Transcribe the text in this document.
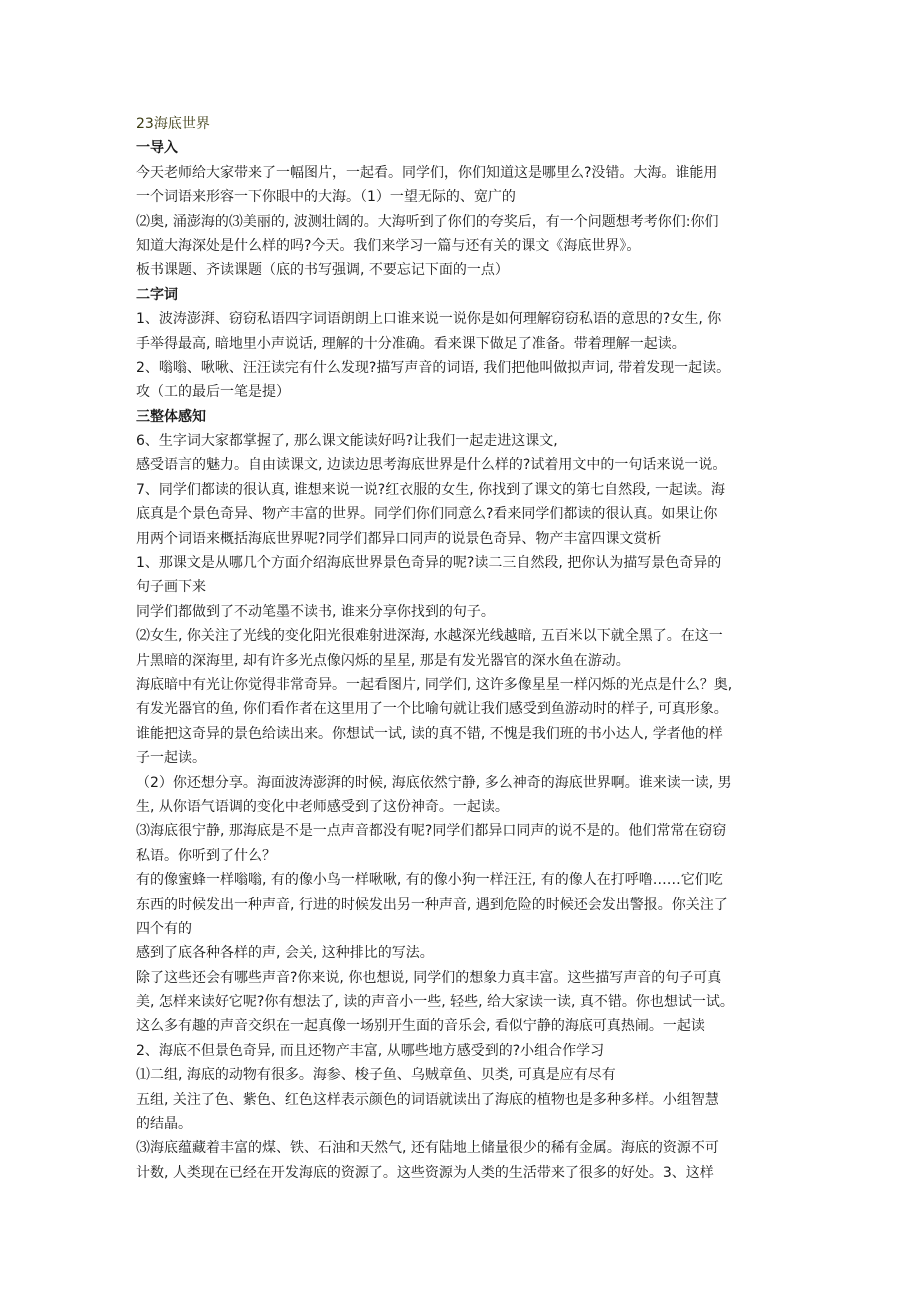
23海底世界
一导入
今天老师给大家带来了一幅图片，一起看。同学们，你们知道这是哪里么?没错。大海。谁能用
一个词语来形容一下你眼中的大海。（1）一望无际的、宽广的
⑵奥, 涌澎海的⑶美丽的, 波测壮阔的。大海听到了你们的夸奖后，有一个问题想考考你们:你们
知道大海深处是什么样的吗?今天。我们来学习一篇与还有关的课文《海底世界》。
板书课题、齐读课题（底的书写强调, 不要忘记下面的一点）
二字词
1、波涛澎湃、窃窃私语四字词语朗朗上口谁来说一说你是如何理解窃窃私语的意思的?女生, 你
手举得最高, 暗地里小声说话, 理解的十分准确。看来课下做足了准备。带着理解一起读。
2、嗡嗡、啾啾、汪汪读完有什么发现?描写声音的词语, 我们把他叫做拟声词, 带着发现一起读。
攻（工的最后一笔是提）
三整体感知
6、生字词大家都掌握了, 那么课文能读好吗?让我们一起走进这课文,
感受语言的魅力。自由读课文, 边读边思考海底世界是什么样的?试着用文中的一句话来说一说。
7、同学们都读的很认真, 谁想来说一说?红衣服的女生, 你找到了课文的第七自然段, 一起读。海
底真是个景色奇异、物产丰富的世界。同学们你们同意么?看来同学们都读的很认真。如果让你
用两个词语来概括海底世界呢?同学们都异口同声的说景色奇异、物产丰富四课文赏析
1、那课文是从哪几个方面介绍海底世界景色奇异的呢?读二三自然段, 把你认为描写景色奇异的
句子画下来
同学们都做到了不动笔墨不读书, 谁来分享你找到的句子。
⑵女生, 你关注了光线的变化阳光很难射进深海, 水越深光线越暗, 五百米以下就全黑了。在这一
片黑暗的深海里, 却有许多光点像闪烁的星星, 那是有发光器官的深水鱼在游动。
海底暗中有光让你觉得非常奇异。一起看图片, 同学们, 这许多像星星一样闪烁的光点是什么？奥,
有发光器官的鱼, 你们看作者在这里用了一个比喻句就让我们感受到鱼游动时的样子, 可真形象。
谁能把这奇异的景色给读出来。你想试一试, 读的真不错, 不愧是我们班的书小达人, 学者他的样
子一起读。
（2）你还想分享。海面波涛澎湃的时候, 海底依然宁静, 多么神奇的海底世界啊。谁来读一读, 男
生, 从你语气语调的变化中老师感受到了这份神奇。一起读。
⑶海底很宁静, 那海底是不是一点声音都没有呢?同学们都异口同声的说不是的。他们常常在窃窃
私语。你听到了什么？
有的像蜜蜂一样嗡嗡, 有的像小鸟一样啾啾, 有的像小狗一样汪汪, 有的像人在打呼噜……它们吃
东西的时候发出一种声音, 行进的时候发出另一种声音, 遇到危险的时候还会发出警报。你关注了
四个有的
感到了底各种各样的声, 会关, 这种排比的写法。
除了这些还会有哪些声音?你来说, 你也想说, 同学们的想象力真丰富。这些描写声音的句子可真
美, 怎样来读好它呢?你有想法了, 读的声音小一些, 轻些, 给大家读一读, 真不错。你也想试一试。
这么多有趣的声音交织在一起真像一场别开生面的音乐会, 看似宁静的海底可真热闹。一起读
2、海底不但景色奇异, 而且还物产丰富, 从哪些地方感受到的?小组合作学习
⑴二组, 海底的动物有很多。海参、梭子鱼、乌贼章鱼、贝类, 可真是应有尽有
五组, 关注了色、紫色、红色这样表示颜色的词语就读出了海底的植物也是多种多样。小组智慧
的结晶。
⑶海底蕴藏着丰富的煤、铁、石油和天然气, 还有陆地上储量很少的稀有金属。海底的资源不可
计数, 人类现在已经在开发海底的资源了。这些资源为人类的生活带来了很多的好处。3、这样
